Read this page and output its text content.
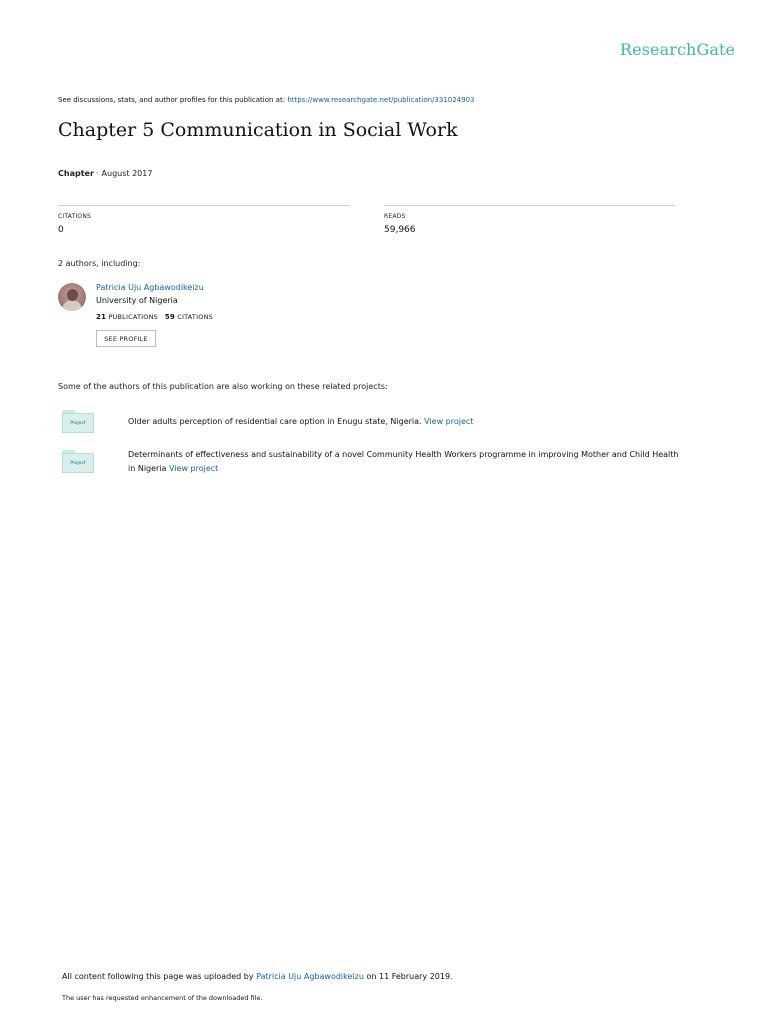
ResearchGate
See discussions, stats, and author profiles for this publication at: https://www.researchgate.net/publication/331024903
Chapter 5 Communication in Social Work
Chapter · August 2017
CITATIONS
0
READS
59,966
2 authors, including:
Patricia Uju Agbawodikeizu
University of Nigeria
21 PUBLICATIONS 59 CITATIONS
SEE PROFILE
Some of the authors of this publication are also working on these related projects:
Project	Older adults perception of residential care option in Enugu state, Nigeria. View project
Project
Determinants of effectiveness and sustainability of a novel Community Health Workers programme in improving Mother and Child Health in Nigeria View project
All content following this page was uploaded by Patricia Uju Agbawodikeizu on 11 February 2019.
The user has requested enhancement of the downloaded file.
